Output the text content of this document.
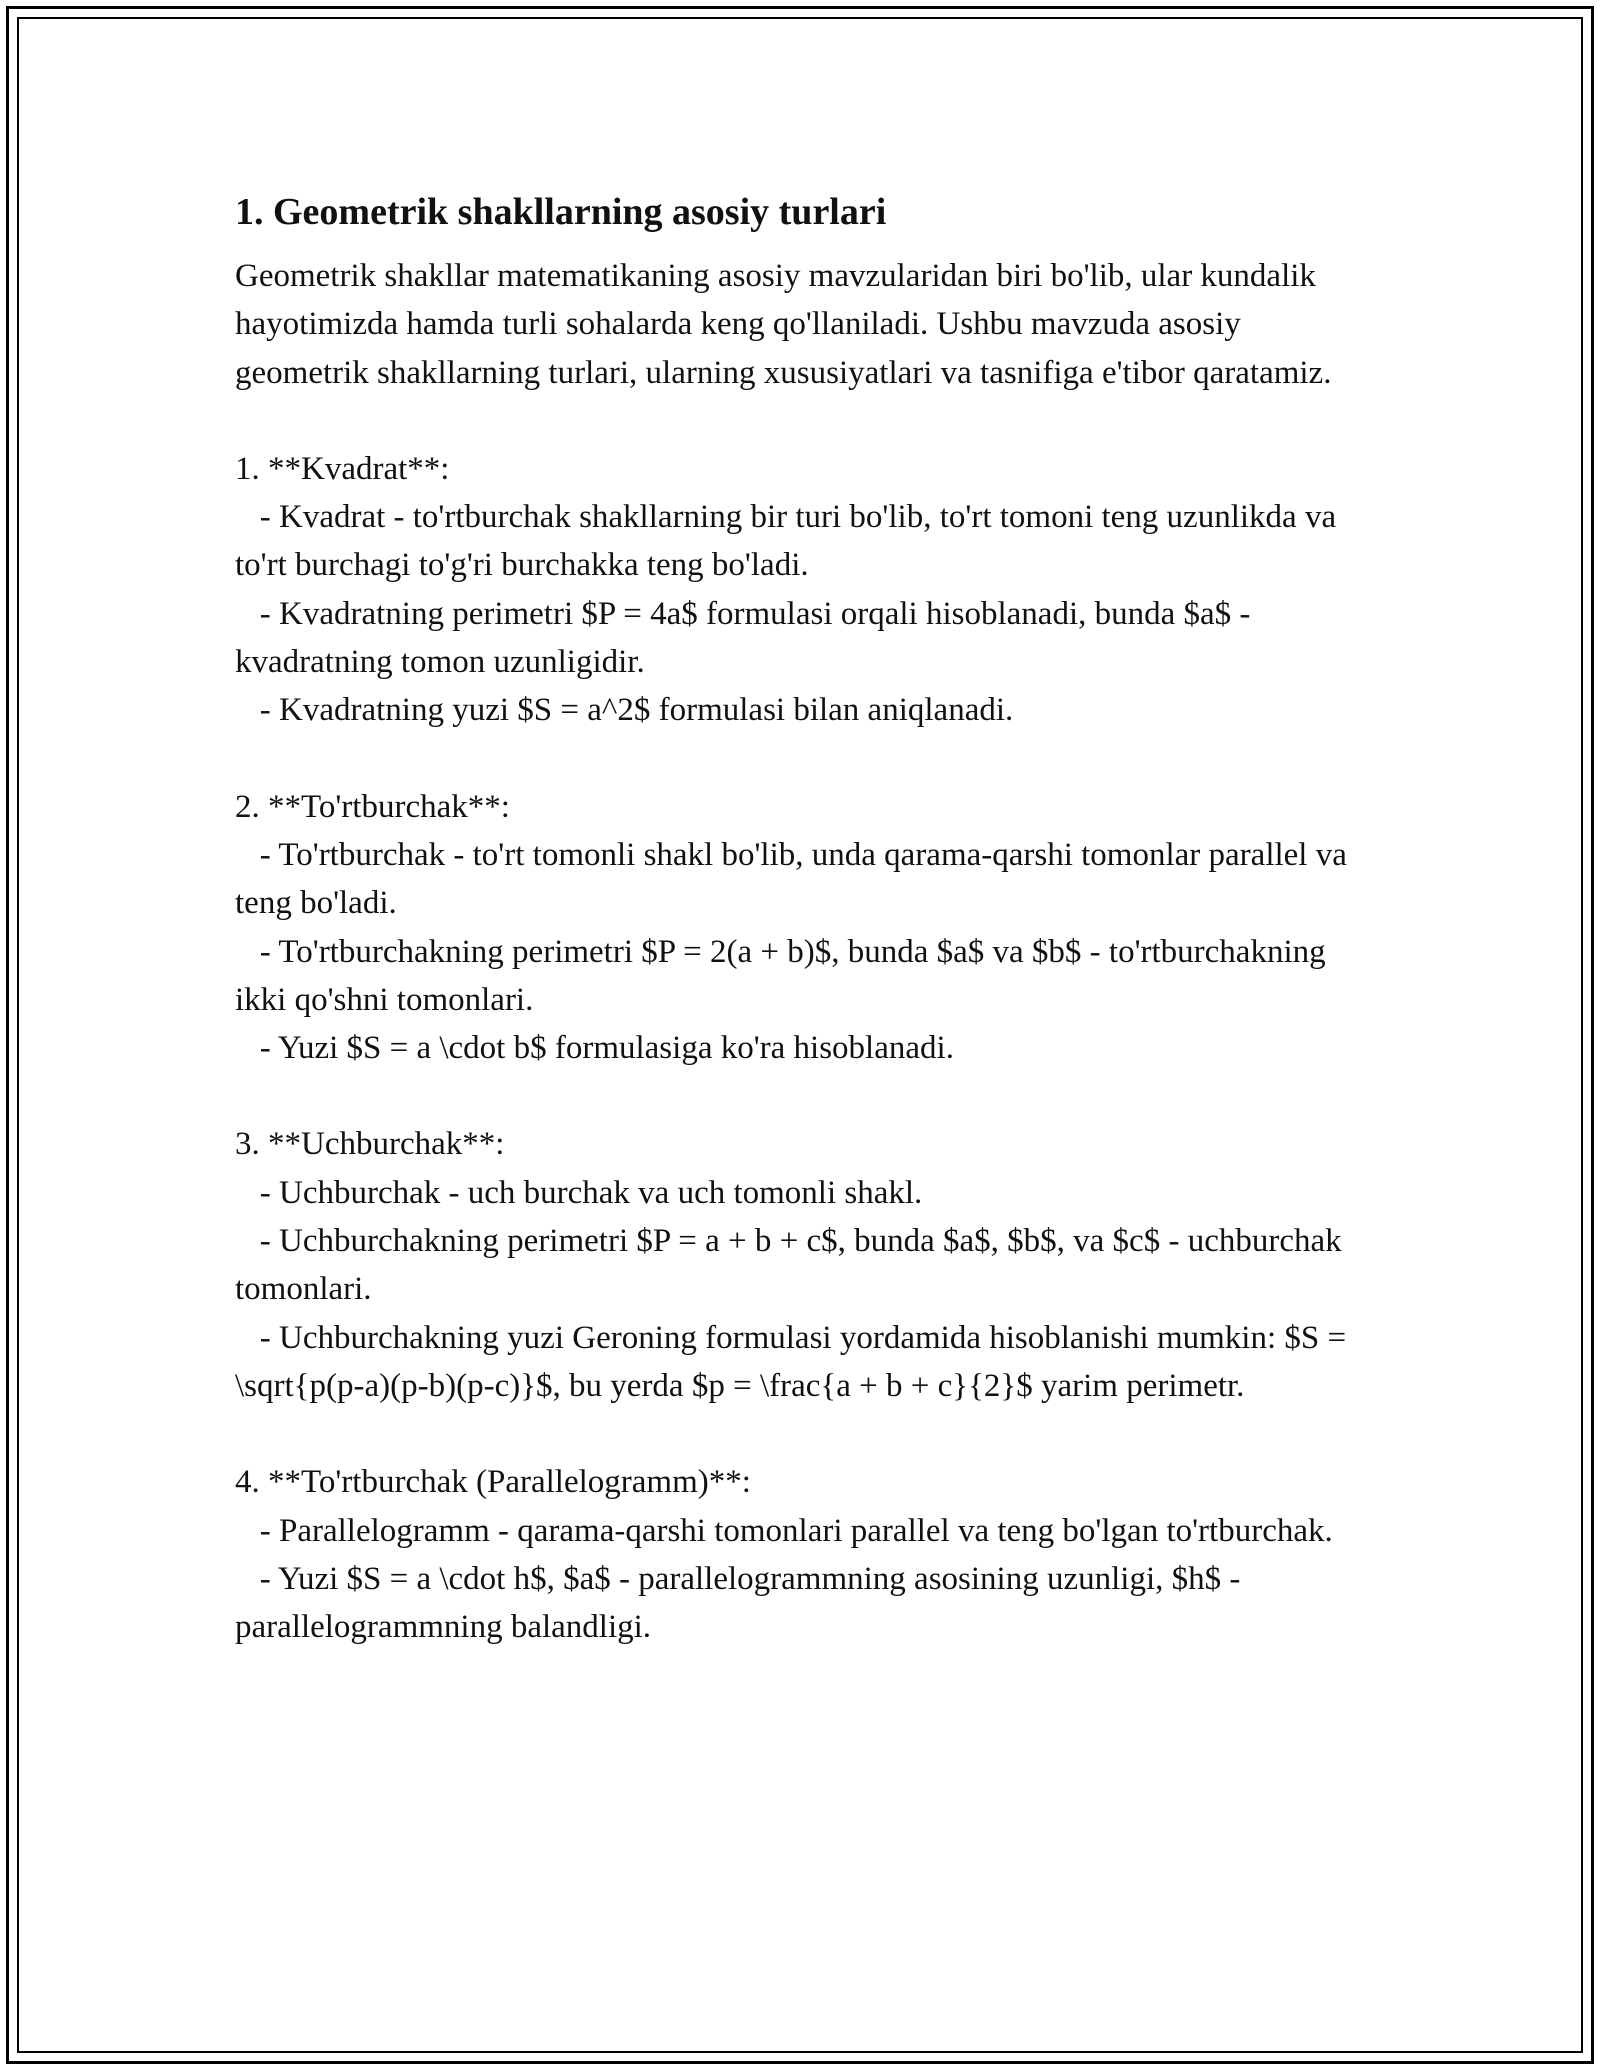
1. Geometrik shakllarning asosiy turlari

Geometrik shakllar matematikaning asosiy mavzularidan biri bo'lib, ular kundalik hayotimizda hamda turli sohalarda keng qo'llaniladi. Ushbu mavzuda asosiy geometrik shakllarning turlari, ularning xususiyatlari va tasnifiga e'tibor qaratamiz.

1. **Kvadrat**:

- Kvadrat - to'rtburchak shakllarning bir turi bo'lib, to'rt tomoni teng uzunlikda va to'rt burchagi to'g'ri burchakka teng bo'ladi.

- Kvadratning perimetri $P = 4a$ formulasi orqali hisoblanadi, bunda $a$ - kvadratning tomon uzunligidir.

- Kvadratning yuzi $S = a^2$ formulasi bilan aniqlanadi.

2. **To'rtburchak**:

- To'rtburchak - to'rt tomonli shakl bo'lib, unda qarama-qarshi tomonlar parallel va teng bo'ladi.

- To'rtburchakning perimetri $P = 2(a + b)$, bunda $a$ va $b$ - to'rtburchakning ikki qo'shni tomonlari.

- Yuzi $S = a \cdot b$ formulasiga ko'ra hisoblanadi.

3. **Uchburchak**:

- Uchburchak - uch burchak va uch tomonli shakl.

- Uchburchakning perimetri $P = a + b + c$, bunda $a$, $b$, va $c$ - uchburchak tomonlari.

- Uchburchakning yuzi Geroning formulasi yordamida hisoblanishi mumkin: $S = \sqrt{p(p-a)(p-b)(p-c)}$, bu yerda $p = \frac{a + b + c}{2}$ yarim perimetr.

4. **To'rtburchak (Parallelogramm)**:

- Parallelogramm - qarama-qarshi tomonlari parallel va teng bo'lgan to'rtburchak.

- Yuzi $S = a \cdot h$, $a$ - parallelogrammning asosining uzunligi, $h$ - parallelogrammning balandligi.
